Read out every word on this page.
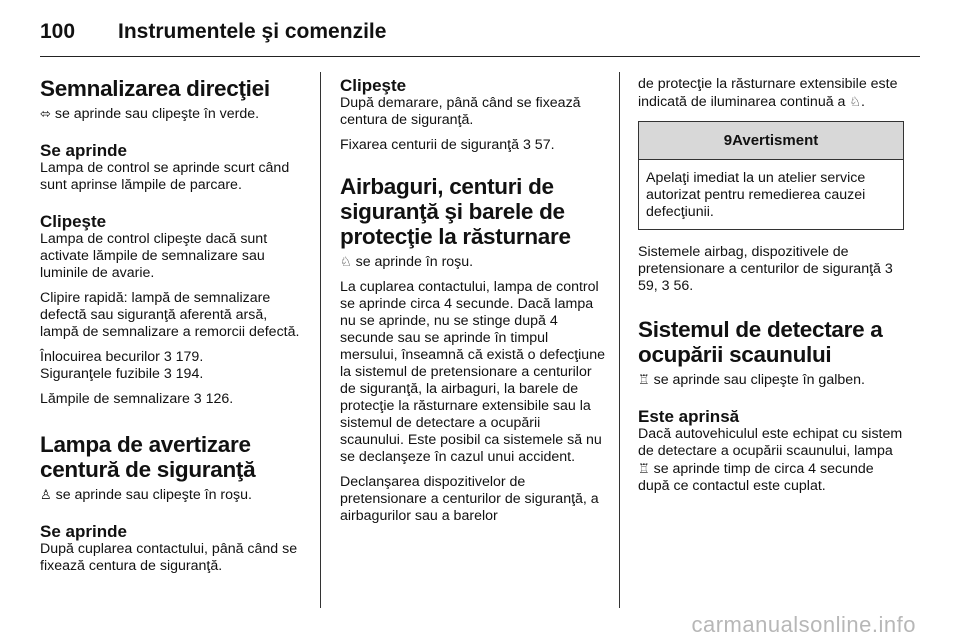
100 Instrumentele şi comenzile
Semnalizarea direcţiei

⬄ se aprinde sau clipeşte în verde.

Se aprinde

Lampa de control se aprinde scurt când sunt aprinse lămpile de parcare.

Clipeşte

Lampa de control clipeşte dacă sunt activate lămpile de semnalizare sau luminile de avarie.

Clipire rapidă: lampă de semnalizare defectă sau siguranţă aferentă arsă, lampă de semnalizare a remorcii defectă.

Înlocuirea becurilor 3 179.

Siguranţele fuzibile 3 194.

Lămpile de semnalizare 3 126.

Lampa de avertizare centură de siguranţă

♙ se aprinde sau clipeşte în roşu.

Se aprinde

După cuplarea contactului, până când se fixează centura de siguranţă.

Clipeşte

După demarare, până când se fixează centura de siguranţă.

Fixarea centurii de siguranţă 3 57.

Airbaguri, centuri de siguranţă şi barele de protecţie la răsturnare

♘ se aprinde în roşu.

La cuplarea contactului, lampa de control se aprinde circa 4 secunde. Dacă lampa nu se aprinde, nu se stinge după 4 secunde sau se aprinde în timpul mersului, înseamnă că există o defecţiune la sistemul de pretensionare a centurilor de siguranţă, la airbaguri, la barele de protecţie la răsturnare extensibile sau la sistemul de detectare a ocupării scaunului. Este posibil ca sistemele să nu se declanşeze în cazul unui accident.

Declanşarea dispozitivelor de pretensionare a centurilor de siguranţă, a airbagurilor sau a barelor

de protecţie la răsturnare extensibile este indicată de iluminarea continuă a ♘.

9Avertisment

Apelaţi imediat la un atelier service autorizat pentru remedierea cauzei defecţiunii.

Sistemele airbag, dispozitivele de pretensionare a centurilor de siguranţă 3 59, 3 56.

Sistemul de detectare a ocupării scaunului

♖ se aprinde sau clipeşte în galben.

Este aprinsă

Dacă autovehiculul este echipat cu sistem de detectare a ocupării scaunului, lampa ♖ se aprinde timp de circa 4 secunde după ce contactul este cuplat.

carmanualsonline.info
